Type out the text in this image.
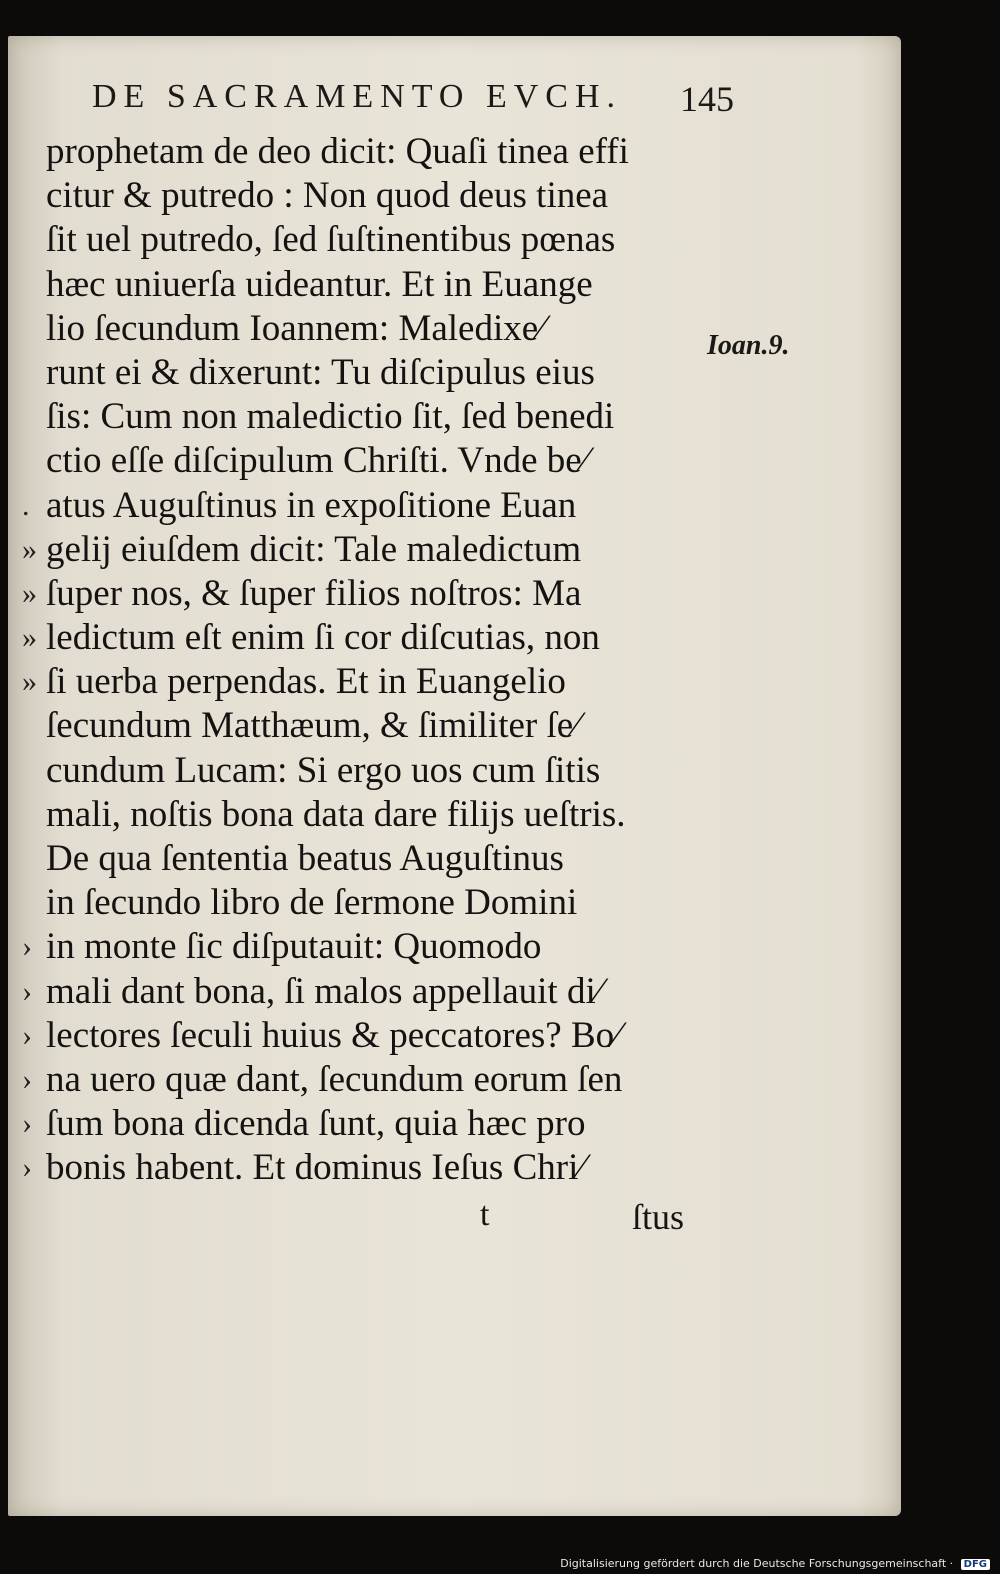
DE SACRAMENTO EVCH. 145
prophetam de deo dicit: Quaſi tinea effi
citur & putredo : Non quod deus tinea
ſit uel putredo, ſed ſuſtinentibus pœnas
hæc uniuerſa uideantur. Et in Euange
lio ſecundum Ioannem: Maledixe⁄
runt ei & dixerunt: Tu diſcipulus eius
ſis: Cum non maledictio ſit, ſed benedi
ctio eſſe diſcipulum Chriſti. Vnde be⁄
. atus Auguſtinus in expoſitione Euan
» gelij eiuſdem dicit: Tale maledictum
» ſuper nos, & ſuper filios noſtros: Ma
» ledictum eſt enim ſi cor diſcutias, non
» ſi uerba perpendas. Et in Euangelio
ſecundum Matthæum, & ſimiliter ſe⁄
cundum Lucam: Si ergo uos cum ſitis
mali, noſtis bona data dare filijs ueſtris.
De qua ſententia beatus Auguſtinus
in ſecundo libro de ſermone Domini
› in monte ſic diſputauit: Quomodo
› mali dant bona, ſi malos appellauit di⁄
› lectores ſeculi huius & peccatores? Bo⁄
› na uero quæ dant, ſecundum eorum ſen
› ſum bona dicenda ſunt, quia hæc pro
› bonis habent. Et dominus Ieſus Chri⁄
Ioan.9.
t	ſtus
Digitalisierung gefördert durch die Deutsche Forschungsgemeinschaft · DFG
